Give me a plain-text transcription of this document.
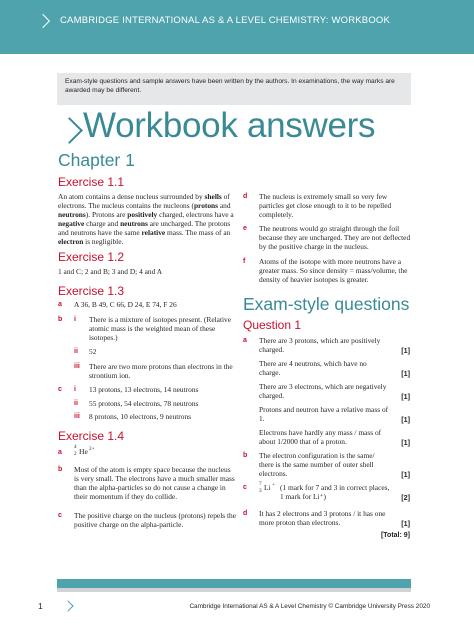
CAMBRIDGE INTERNATIONAL AS & A LEVEL CHEMISTRY: WORKBOOK
Exam-style questions and sample answers have been written by the authors. In examinations, the way marks are awarded may be different.
Workbook answers
Chapter 1
Exercise 1.1
An atom contains a dense nucleus surrounded by shells of electrons. The nucleus contains the nucleons (protons and neutrons). Protons are positively charged, electrons have a negative charge and neutrons are uncharged. The protons and neutrons have the same relative mass. The mass of an electron is negligible.
Exercise 1.2
1 and C; 2 and B; 3 and D; 4 and A
Exercise 1.3
a A 36, B 49, C 66, D 24, E 74, F 26
b i There is a mixture of isotopes present. (Relative atomic mass is the weighted mean of these isotopes.)
ii 52
iii There are two more protons than electrons in the strontium ion.
c i 13 protons, 13 electrons, 14 neutrons
ii 55 protons, 54 electrons, 78 neutrons
iii 8 protons, 10 electrons, 9 neutrons
Exercise 1.4
a
4
2 He 2+
b Most of the atom is empty space because the nucleus is very small. The electrons have a much smaller mass than the alpha-particles so do not cause a change in their momentum if they do collide.
c The positive charge on the nucleus (protons) repels the positive charge on the alpha-particle.
d The nucleus is extremely small so very few particles get close enough to it to be repelled completely.
e The neutrons would go straight through the foil because they are uncharged. They are not deflected by the positive charge in the nucleus.
f Atoms of the isotope with more neutrons have a greater mass. So since density = mass/volume, the density of heavier isotopes is greater.
Exam-style questions
Question 1
a There are 3 protons, which are positively charged.	[1]
There are 4 neutrons, which have no charge.	[1]
There are 3 electrons, which are negatively charged.	[1]
Protons and neutron have a relative mass of 1.	[1]
Electrons have hardly any mass / mass of about 1/2000 that of a proton.	[1]
b The electron configuration is the same/ there is the same number of outer shell electrons.	[1]
c 7
3 Li + (1 mark for 7 and 3 in correct places, 1 mark for Li⁺)	[2]
d It has 2 electrons and 3 protons / it has one more proton than electrons.	[1]
[Total: 9]
1	Cambridge International AS & A Level Chemistry © Cambridge University Press 2020
